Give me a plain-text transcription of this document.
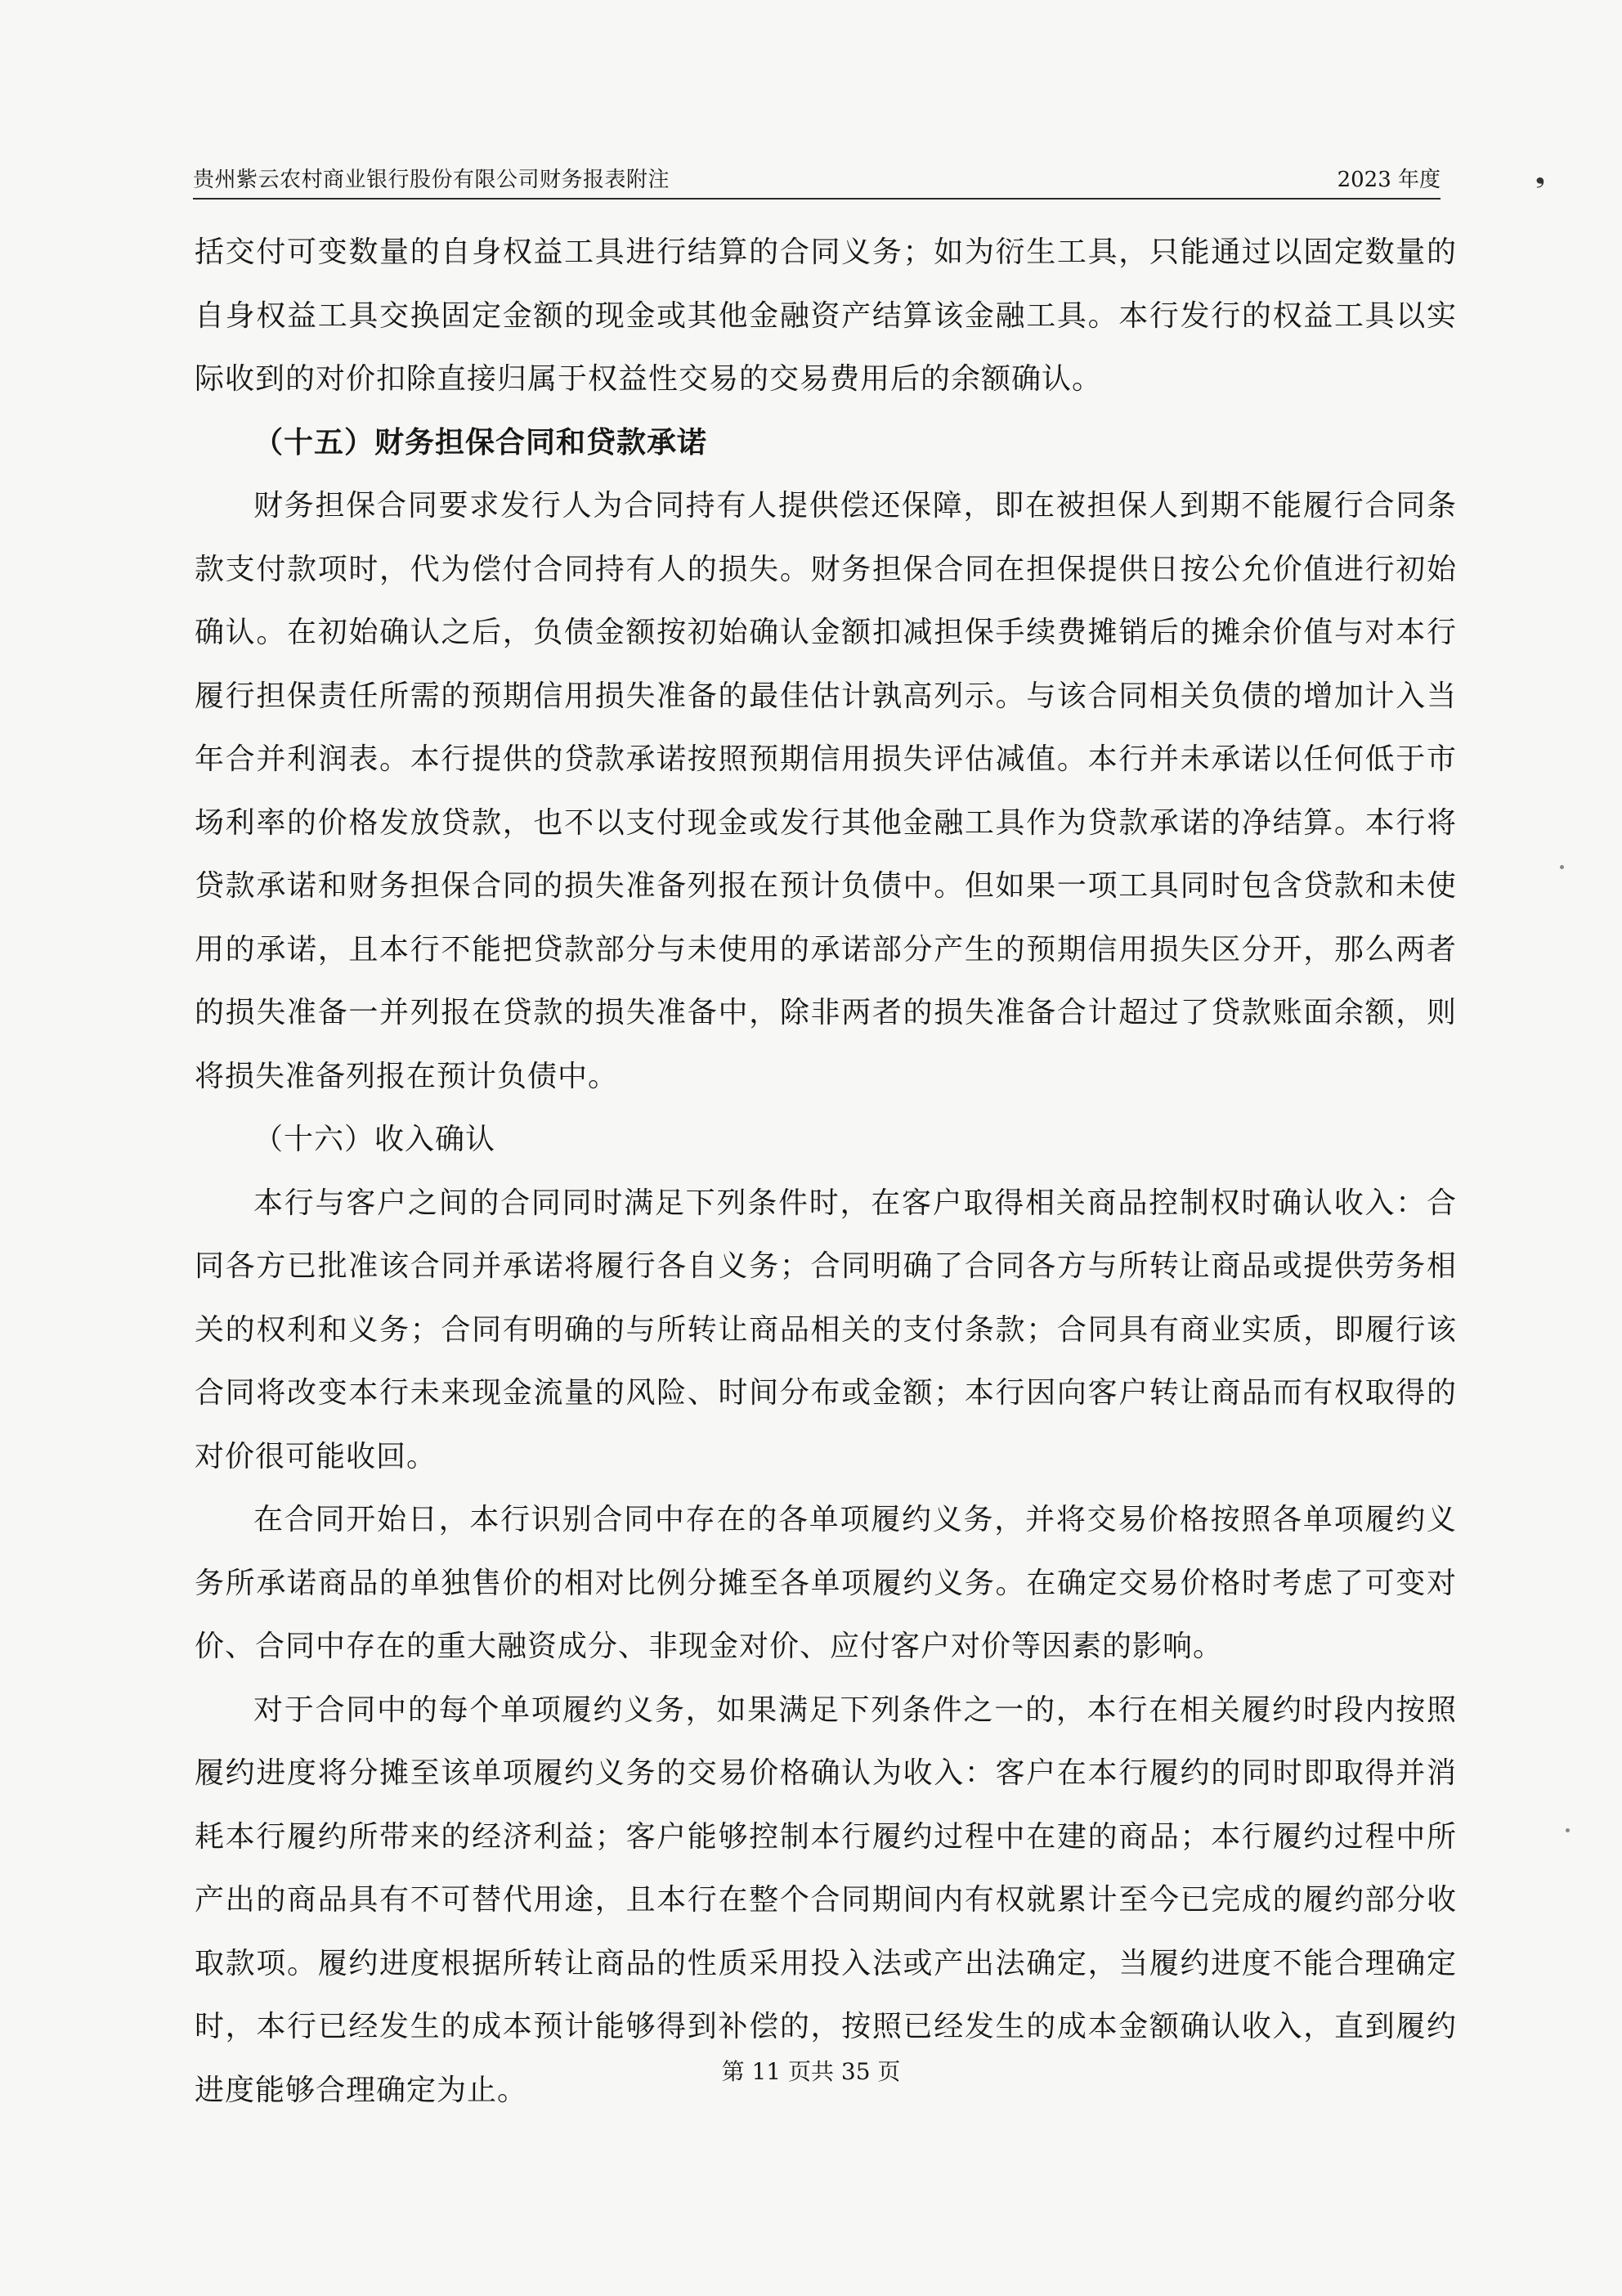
贵州紫云农村商业银行股份有限公司财务报表附注	2023 年度	❟

括交付可变数量的自身权益工具进行结算的合同义务；如为衍生工具，只能通过以固定数量的自身权益工具交换固定金额的现金或其他金融资产结算该金融工具。本行发行的权益工具以实际收到的对价扣除直接归属于权益性交易的交易费用后的余额确认。

（十五）财务担保合同和贷款承诺

财务担保合同要求发行人为合同持有人提供偿还保障，即在被担保人到期不能履行合同条款支付款项时，代为偿付合同持有人的损失。财务担保合同在担保提供日按公允价值进行初始确认。在初始确认之后，负债金额按初始确认金额扣减担保手续费摊销后的摊余价值与对本行履行担保责任所需的预期信用损失准备的最佳估计孰高列示。与该合同相关负债的增加计入当年合并利润表。本行提供的贷款承诺按照预期信用损失评估减值。本行并未承诺以任何低于市场利率的价格发放贷款，也不以支付现金或发行其他金融工具作为贷款承诺的净结算。本行将贷款承诺和财务担保合同的损失准备列报在预计负债中。但如果一项工具同时包含贷款和未使用的承诺，且本行不能把贷款部分与未使用的承诺部分产生的预期信用损失区分开，那么两者的损失准备一并列报在贷款的损失准备中，除非两者的损失准备合计超过了贷款账面余额，则将损失准备列报在预计负债中。

（十六）收入确认

本行与客户之间的合同同时满足下列条件时，在客户取得相关商品控制权时确认收入：合同各方已批准该合同并承诺将履行各自义务；合同明确了合同各方与所转让商品或提供劳务相关的权利和义务；合同有明确的与所转让商品相关的支付条款；合同具有商业实质，即履行该合同将改变本行未来现金流量的风险、时间分布或金额；本行因向客户转让商品而有权取得的对价很可能收回。

在合同开始日，本行识别合同中存在的各单项履约义务，并将交易价格按照各单项履约义务所承诺商品的单独售价的相对比例分摊至各单项履约义务。在确定交易价格时考虑了可变对价、合同中存在的重大融资成分、非现金对价、应付客户对价等因素的影响。

对于合同中的每个单项履约义务，如果满足下列条件之一的，本行在相关履约时段内按照履约进度将分摊至该单项履约义务的交易价格确认为收入：客户在本行履约的同时即取得并消耗本行履约所带来的经济利益；客户能够控制本行履约过程中在建的商品；本行履约过程中所产出的商品具有不可替代用途，且本行在整个合同期间内有权就累计至今已完成的履约部分收取款项。履约进度根据所转让商品的性质采用投入法或产出法确定，当履约进度不能合理确定时，本行已经发生的成本预计能够得到补偿的，按照已经发生的成本金额确认收入，直到履约进度能够合理确定为止。

第 11 页共 35 页
